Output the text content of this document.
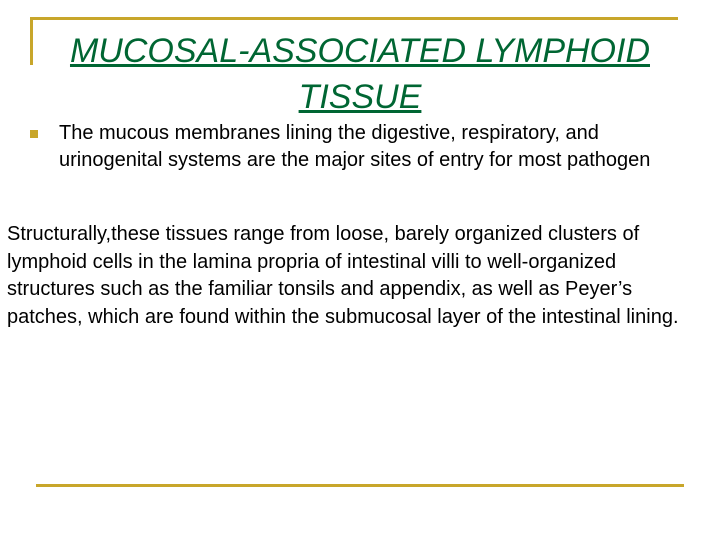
MUCOSAL-ASSOCIATED LYMPHOID TISSUE
The mucous membranes lining the digestive, respiratory, and urinogenital systems are the major sites of entry for most pathogen
Structurally,these tissues range from loose, barely organized clusters of lymphoid cells in the lamina propria of intestinal villi to well-organized structures such as the familiar tonsils and appendix, as well as Peyer’s patches, which are found within the submucosal layer of the intestinal lining.
